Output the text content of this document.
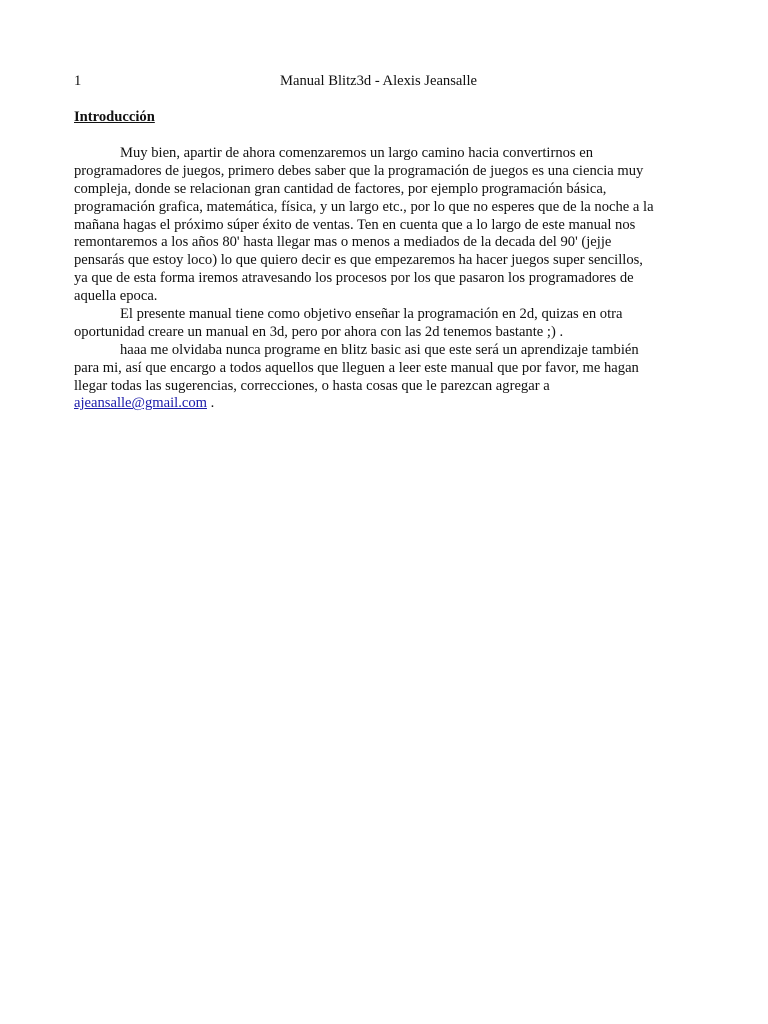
1	Manual Blitz3d - Alexis Jeansalle
Introducción
Muy bien, apartir de ahora comenzaremos un largo camino hacia convertirnos en
programadores de juegos, primero debes saber que la programación de juegos es una ciencia muy
compleja, donde se relacionan gran cantidad de factores, por ejemplo programación básica,
programación grafica, matemática, física, y un largo etc., por lo que no esperes que de la noche a la
mañana hagas el próximo súper éxito de ventas. Ten en cuenta que a lo largo de este manual nos
remontaremos a los años 80' hasta llegar mas o menos a mediados de la decada del 90' (jejje
pensarás que estoy loco) lo que quiero decir es que empezaremos ha hacer juegos super sencillos,
ya que de esta forma iremos atravesando los procesos por los que pasaron los programadores de
aquella epoca.
El presente manual tiene como objetivo enseñar la programación en 2d, quizas en otra
oportunidad creare un manual en 3d, pero por ahora con las 2d tenemos bastante ;) .
haaa me olvidaba nunca programe en blitz basic asi que este será un aprendizaje también
para mi, así que encargo a todos aquellos que lleguen a leer este manual que por favor, me hagan
llegar todas las sugerencias, correcciones, o hasta cosas que le parezcan agregar a
ajeansalle@gmail.com .
